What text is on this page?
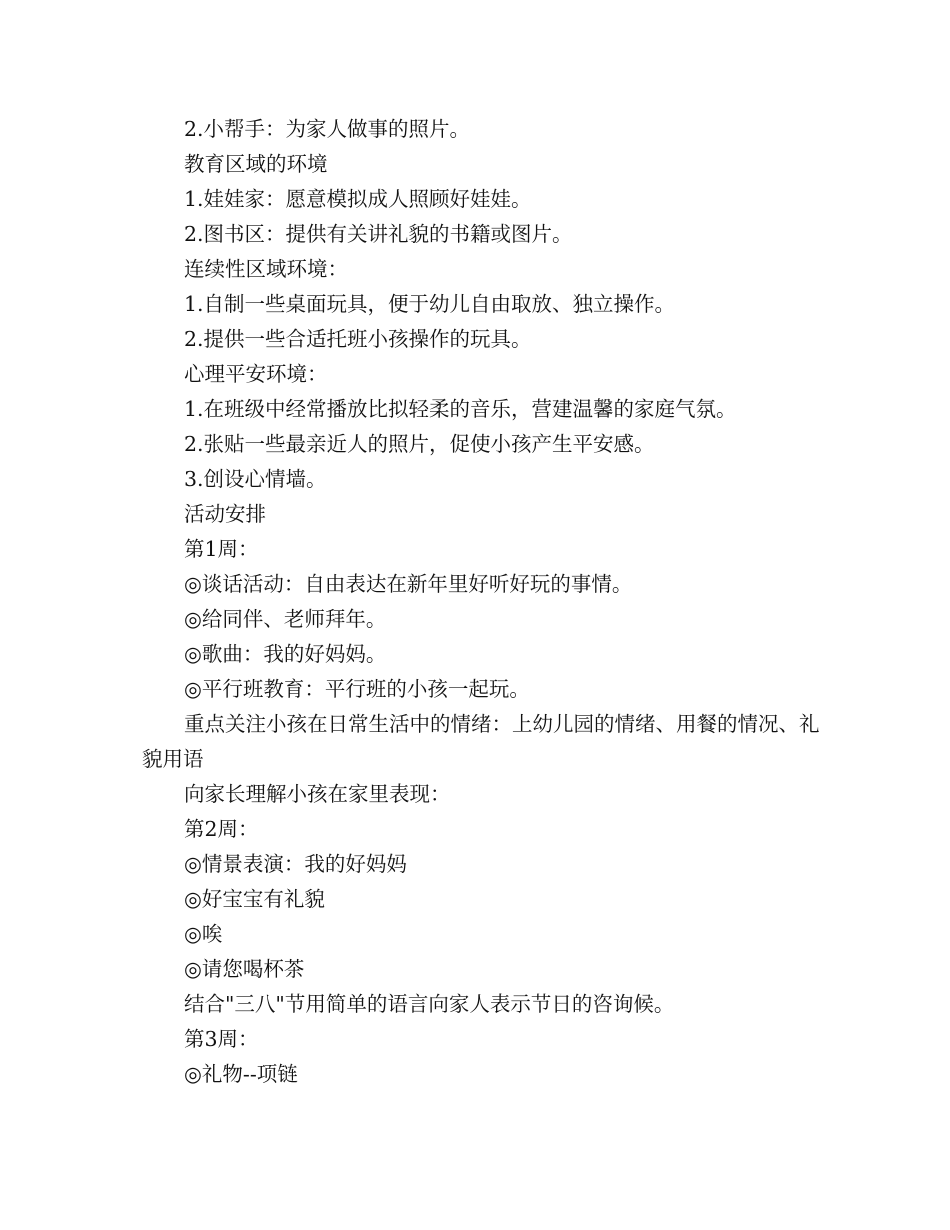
2.小帮手：为家人做事的照片。

教育区域的环境

1.娃娃家：愿意模拟成人照顾好娃娃。

2.图书区：提供有关讲礼貌的书籍或图片。

连续性区域环境：

1.自制一些桌面玩具，便于幼儿自由取放、独立操作。

2.提供一些合适托班小孩操作的玩具。

心理平安环境：

1.在班级中经常播放比拟轻柔的音乐，营建温馨的家庭气氛。

2.张贴一些最亲近人的照片，促使小孩产生平安感。

3.创设心情墙。

活动安排

第1周：

◎谈话活动：自由表达在新年里好听好玩的事情。

◎给同伴、老师拜年。

◎歌曲：我的好妈妈。

◎平行班教育：平行班的小孩一起玩。

重点关注小孩在日常生活中的情绪：上幼儿园的情绪、用餐的情况、礼貌用语

向家长理解小孩在家里表现：

第2周：

◎情景表演：我的好妈妈

◎好宝宝有礼貌

◎唉

◎请您喝杯茶

结合"三八"节用简单的语言向家人表示节日的咨询候。

第3周：

◎礼物--项链
